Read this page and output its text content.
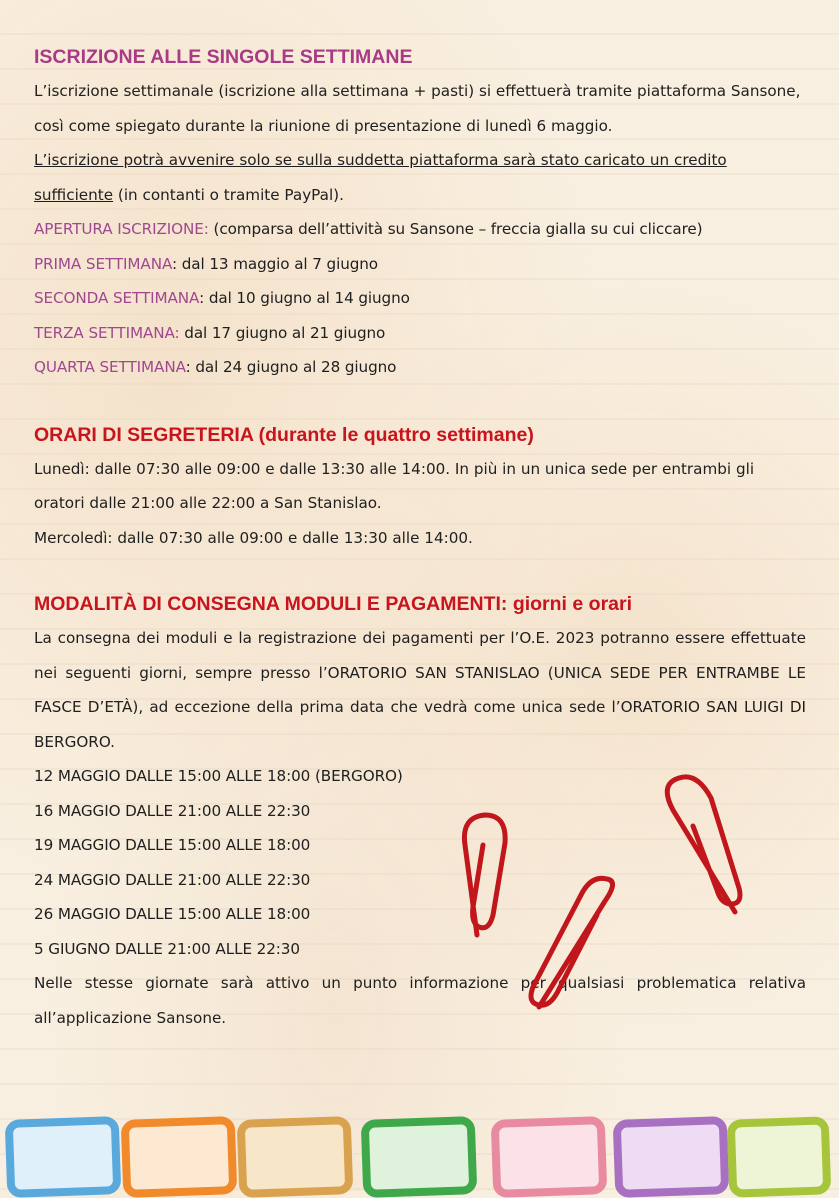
ISCRIZIONE ALLE SINGOLE SETTIMANE

L’iscrizione settimanale (iscrizione alla settimana + pasti) si effettuerà tramite piattaforma Sansone, così come spiegato durante la riunione di presentazione di lunedì 6 maggio.

L’iscrizione potrà avvenire solo se sulla suddetta piattaforma sarà stato caricato un credito sufficiente (in contanti o tramite PayPal).

APERTURA ISCRIZIONE: (comparsa dell’attività su Sansone – freccia gialla su cui cliccare)
PRIMA SETTIMANA: dal 13 maggio al 7 giugno
SECONDA SETTIMANA: dal 10 giugno al 14 giugno
TERZA SETTIMANA: dal 17 giugno al 21 giugno
QUARTA SETTIMANA: dal 24 giugno al 28 giugno
ORARI DI SEGRETERIA (durante le quattro settimane)

Lunedì: dalle 07:30 alle 09:00 e dalle 13:30 alle 14:00. In più in un unica sede per entrambi gli oratori dalle 21:00 alle 22:00 a San Stanislao.

Mercoledì: dalle 07:30 alle 09:00 e dalle 13:30 alle 14:00.

MODALITÀ DI CONSEGNA MODULI E PAGAMENTI: giorni e orari

La consegna dei moduli e la registrazione dei pagamenti per l’O.E. 2023 potranno essere effettuate nei seguenti giorni, sempre presso l’ORATORIO SAN STANISLAO (UNICA SEDE PER ENTRAMBE LE FASCE D’ETÀ), ad eccezione della prima data che vedrà come unica sede l’ORATORIO SAN LUIGI DI BERGORO.

12 MAGGIO DALLE 15:00 ALLE 18:00 (BERGORO)
16 MAGGIO DALLE 21:00 ALLE 22:30
19 MAGGIO DALLE 15:00 ALLE 18:00
24 MAGGIO DALLE 21:00 ALLE 22:30
26 MAGGIO DALLE 15:00 ALLE 18:00
5 GIUGNO DALLE 21:00 ALLE 22:30

Nelle stesse giornate sarà attivo un punto informazione per qualsiasi problematica relativa all’applicazione Sansone.
